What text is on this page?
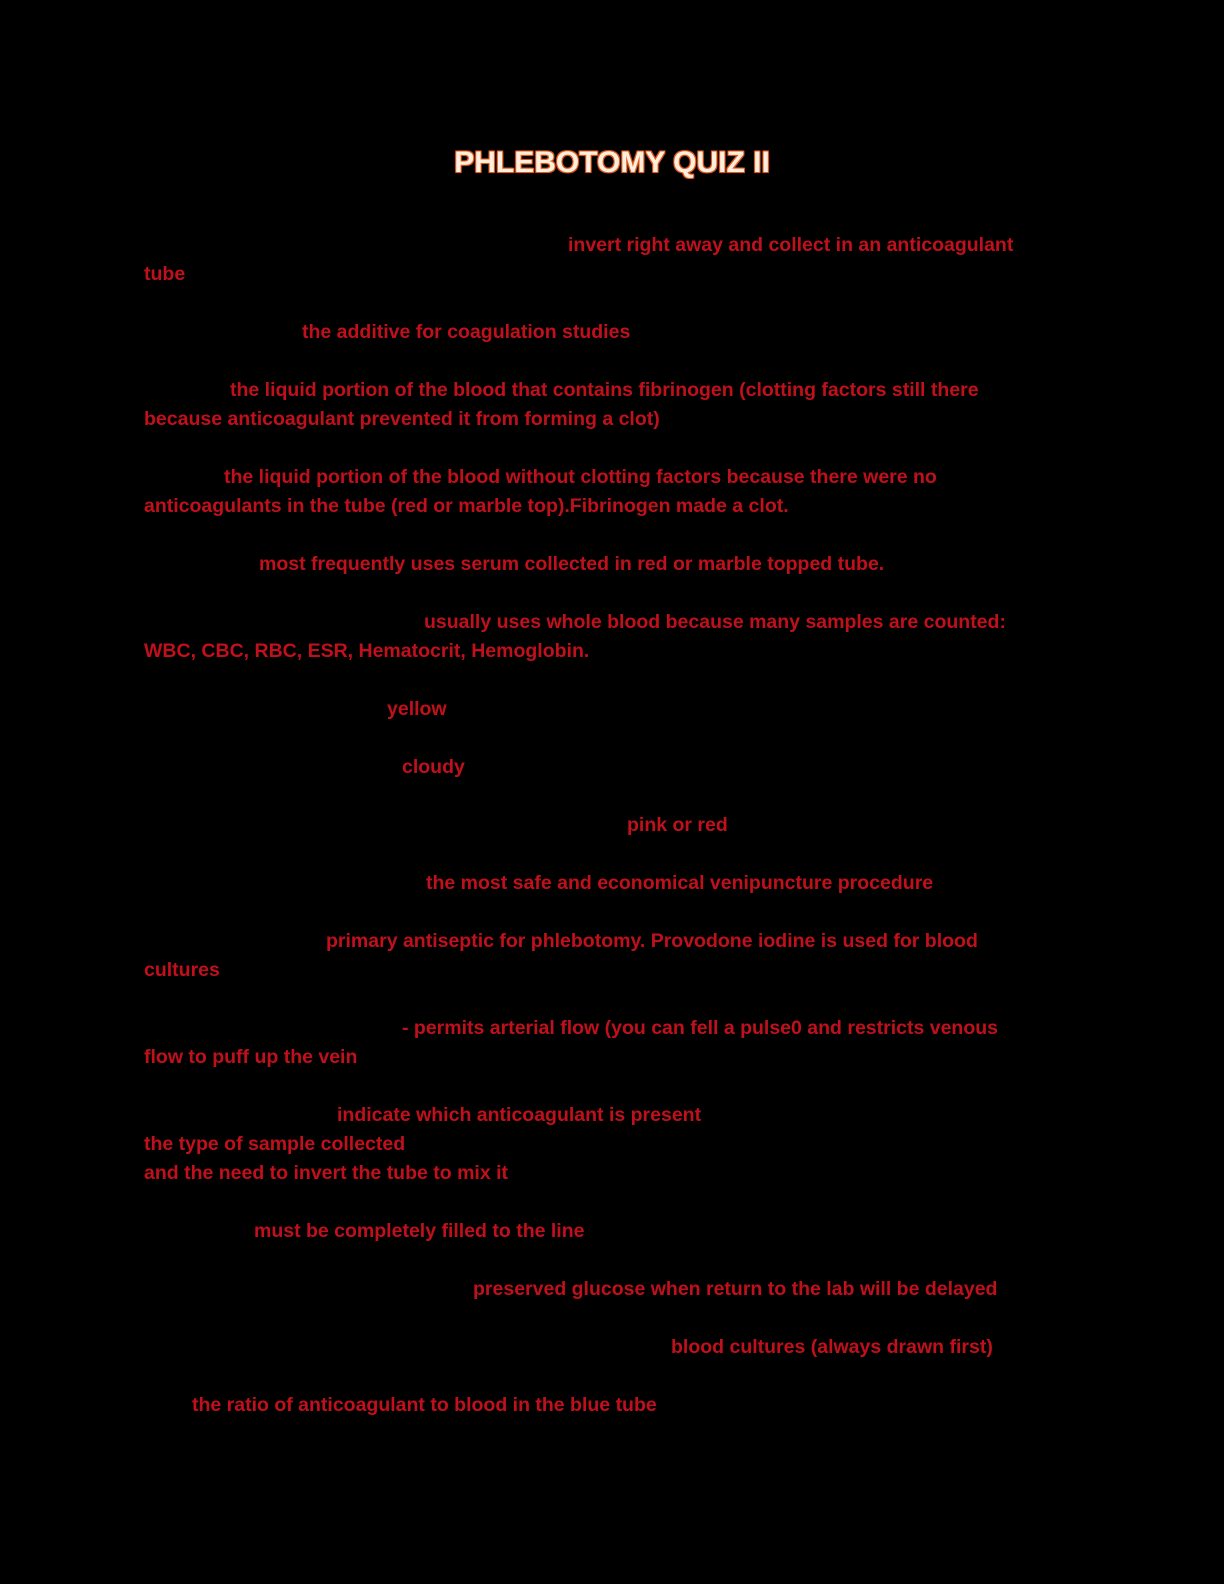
PHLEBOTOMY QUIZ II
invert right away and collect in an anticoagulant
tube
the additive for coagulation studies
the liquid portion of the blood that contains fibrinogen (clotting factors still there
because anticoagulant prevented it from forming a clot)
the liquid portion of the blood without clotting factors because there were no
anticoagulants in the tube (red or marble top).Fibrinogen made a clot.
most frequently uses serum collected in red or marble topped tube.
usually uses whole blood because many samples are counted:
WBC, CBC, RBC, ESR, Hematocrit, Hemoglobin.
yellow
cloudy
pink or red
the most safe and economical venipuncture procedure
primary antiseptic for phlebotomy. Provodone iodine is used for blood
cultures
- permits arterial flow (you can fell a pulse0 and restricts venous
flow to puff up the vein
indicate which anticoagulant is present
the type of sample collected
and the need to invert the tube to mix it
must be completely filled to the line
preserved glucose when return to the lab will be delayed
blood cultures (always drawn first)
the ratio of anticoagulant to blood in the blue tube
